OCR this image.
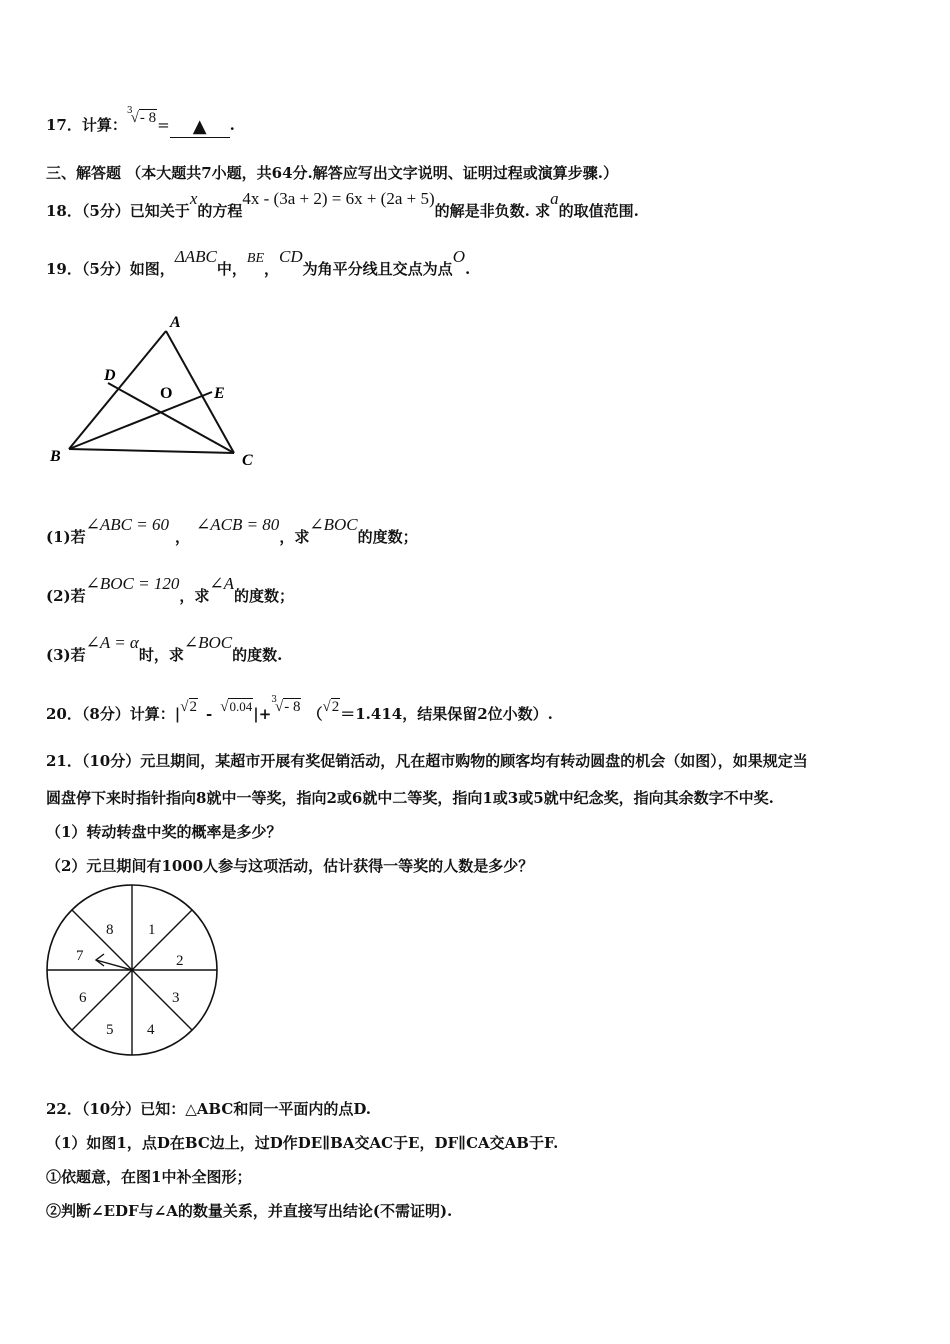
17．计算：$^3$√- 8= ▲ .
三、解答题 （本大题共7小题，共64分.解答应写出文字说明、证明过程或演算步骤.）
18．（5分）已知关于x的方程4x - (3a + 2) = 6x + (2a + 5)的解是非负数. 求a的取值范围.
19．（5分）如图，ΔABC中，BE，CD为角平分线且交点为点O.
A
B	C
D
E
O
(1)若∠ABC = 60，∠ACB = 80，求∠BOC的度数；
(2)若∠BOC = 120，求∠A的度数；
(3)若∠A = α时，求∠BOC的度数.
20．（8分）计算：|√2 - √0.04|+$^3$√- 8 （√2＝1.414，结果保留2位小数）.
21．（10分）元旦期间，某超市开展有奖促销活动，凡在超市购物的顾客均有转动圆盘的机会（如图），如果规定当
圆盘停下来时指针指向8就中一等奖，指向2或6就中二等奖，指向1或3或5就中纪念奖，指向其余数字不中奖.
（1）转动转盘中奖的概率是多少？
（2）元旦期间有1000人参与这项活动，估计获得一等奖的人数是多少？
1
2
3
4
5
6
7
8
22．（10分）已知：△ABC和同一平面内的点D.
（1）如图1，点D在BC边上，过D作DE∥BA交AC于E，DF∥CA交AB于F.
①依题意，在图1中补全图形；
②判断∠EDF与∠A的数量关系，并直接写出结论(不需证明).
